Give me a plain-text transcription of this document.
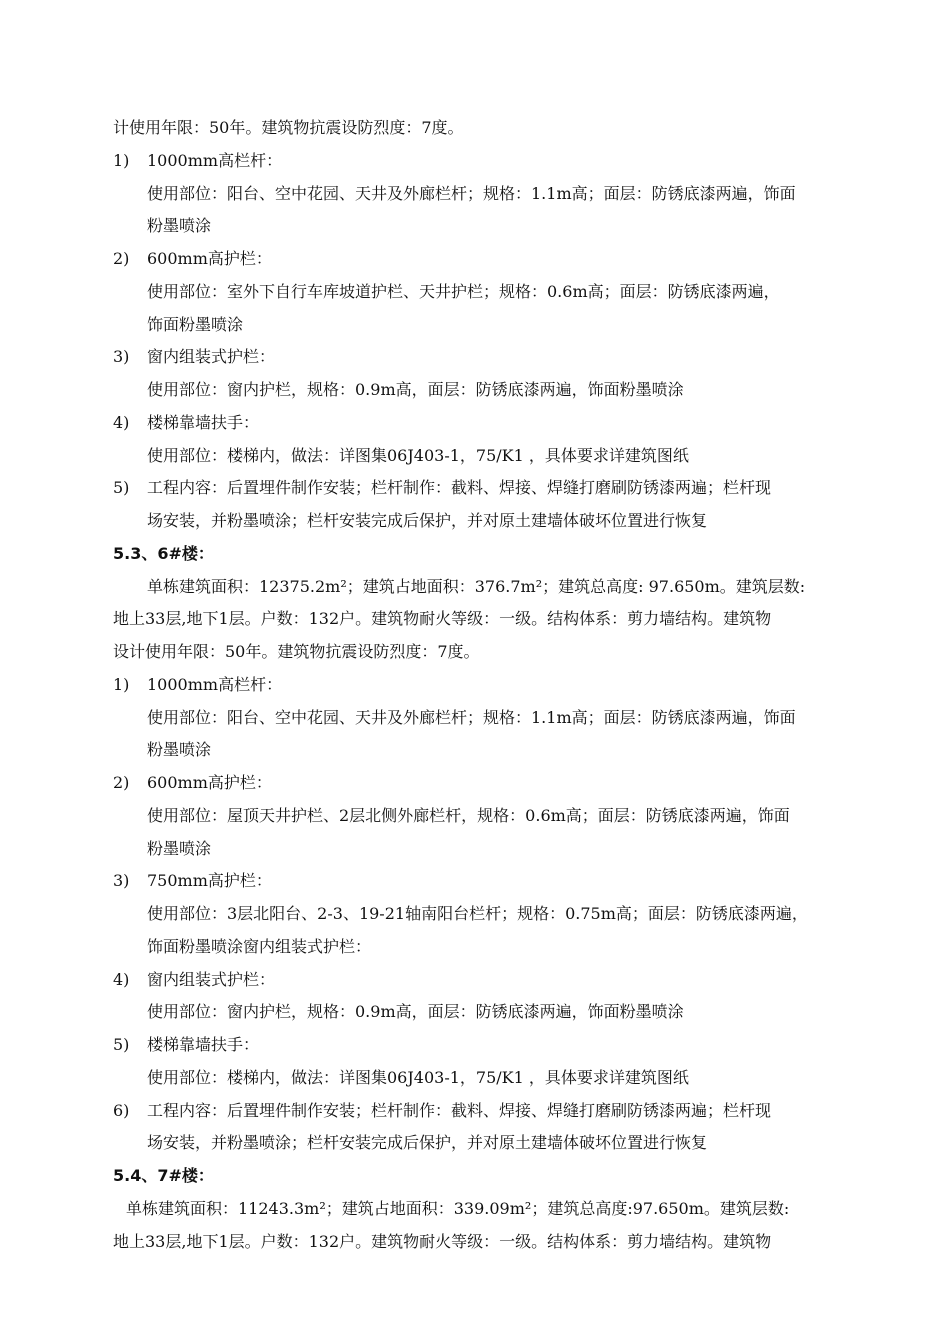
计使用年限：50年。建筑物抗震设防烈度：7度。
1) 1000mm高栏杆：
使用部位：阳台、空中花园、天井及外廊栏杆；规格：1.1m高；面层：防锈底漆两遍，饰面
粉墨喷涂
2) 600mm高护栏：
使用部位：室外下自行车库坡道护栏、天井护栏；规格：0.6m高；面层：防锈底漆两遍，
饰面粉墨喷涂
3) 窗内组装式护栏：
使用部位：窗内护栏，规格：0.9m高，面层：防锈底漆两遍，饰面粉墨喷涂
4) 楼梯靠墙扶手：
使用部位：楼梯内，做法：详图集06J403-1，75/K1 ，具体要求详建筑图纸
5) 工程内容：后置埋件制作安装；栏杆制作：截料、焊接、焊缝打磨刷防锈漆两遍；栏杆现
场安装，并粉墨喷涂；栏杆安装完成后保护，并对原土建墙体破坏位置进行恢复
5.3、6#楼：
单栋建筑面积：12375.2m²；建筑占地面积：376.7m²；建筑总高度: 97.650m。建筑层数:
地上33层,地下1层。户数：132户。建筑物耐火等级：一级。结构体系：剪力墙结构。建筑物
设计使用年限：50年。建筑物抗震设防烈度：7度。
1) 1000mm高栏杆：
使用部位：阳台、空中花园、天井及外廊栏杆；规格：1.1m高；面层：防锈底漆两遍，饰面
粉墨喷涂
2) 600mm高护栏：
使用部位：屋顶天井护栏、2层北侧外廊栏杆，规格：0.6m高；面层：防锈底漆两遍，饰面
粉墨喷涂
3) 750mm高护栏：
使用部位：3层北阳台、2-3、19-21轴南阳台栏杆；规格：0.75m高；面层：防锈底漆两遍，
饰面粉墨喷涂窗内组装式护栏：
4) 窗内组装式护栏：
使用部位：窗内护栏，规格：0.9m高，面层：防锈底漆两遍，饰面粉墨喷涂
5) 楼梯靠墙扶手：
使用部位：楼梯内，做法：详图集06J403-1，75/K1 ，具体要求详建筑图纸
6) 工程内容：后置埋件制作安装；栏杆制作：截料、焊接、焊缝打磨刷防锈漆两遍；栏杆现
场安装，并粉墨喷涂；栏杆安装完成后保护，并对原土建墙体破坏位置进行恢复
5.4、7#楼：
单栋建筑面积：11243.3m²；建筑占地面积：339.09m²；建筑总高度:97.650m。建筑层数:
地上33层,地下1层。户数：132户。建筑物耐火等级：一级。结构体系：剪力墙结构。建筑物
